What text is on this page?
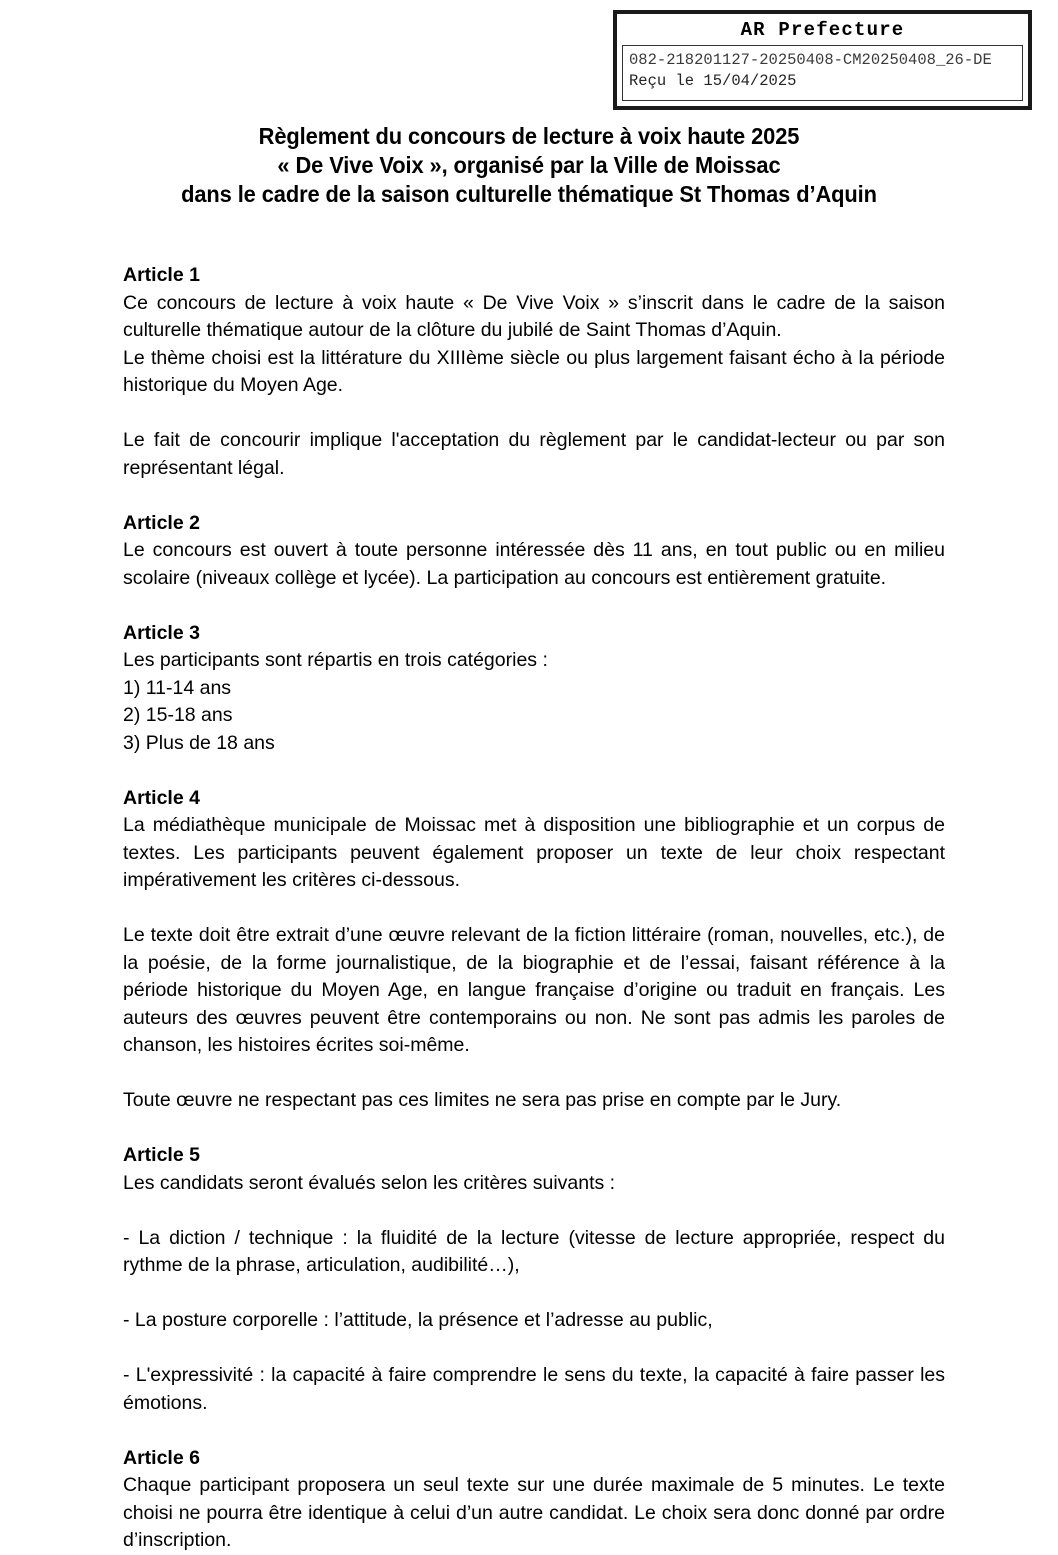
AR Prefecture
082-218201127-20250408-CM20250408_26-DE
Reçu le 15/04/2025
Règlement du concours de lecture à voix haute 2025
« De Vive Voix », organisé par la Ville de Moissac
dans le cadre de la saison culturelle thématique St Thomas d’Aquin

Article 1

Ce concours de lecture à voix haute « De Vive Voix » s’inscrit dans le cadre de la saison culturelle thématique autour de la clôture du jubilé de Saint Thomas d’Aquin.

Le thème choisi est la littérature du XIIIème siècle ou plus largement faisant écho à la période historique du Moyen Age.

Le fait de concourir implique l'acceptation du règlement par le candidat-lecteur ou par son représentant légal.

Article 2

Le concours est ouvert à toute personne intéressée dès 11 ans, en tout public ou en milieu scolaire (niveaux collège et lycée). La participation au concours est entièrement gratuite.

Article 3

Les participants sont répartis en trois catégories :

1) 11-14 ans

2) 15-18 ans

3) Plus de 18 ans

Article 4

La médiathèque municipale de Moissac met à disposition une bibliographie et un corpus de textes. Les participants peuvent également proposer un texte de leur choix respectant impérativement les critères ci-dessous.

Le texte doit être extrait d’une œuvre relevant de la fiction littéraire (roman, nouvelles, etc.), de la poésie, de la forme journalistique, de la biographie et de l’essai, faisant référence à la période historique du Moyen Age, en langue française d’origine ou traduit en français. Les auteurs des œuvres peuvent être contemporains ou non. Ne sont pas admis les paroles de chanson, les histoires écrites soi-même.

Toute œuvre ne respectant pas ces limites ne sera pas prise en compte par le Jury.

Article 5

Les candidats seront évalués selon les critères suivants :

- La diction / technique : la fluidité de la lecture (vitesse de lecture appropriée, respect du rythme de la phrase, articulation, audibilité…),

- La posture corporelle : l’attitude, la présence et l’adresse au public,

- L'expressivité : la capacité à faire comprendre le sens du texte, la capacité à faire passer les émotions.

Article 6

Chaque participant proposera un seul texte sur une durée maximale de 5 minutes. Le texte choisi ne pourra être identique à celui d’un autre candidat. Le choix sera donc donné par ordre d’inscription.
